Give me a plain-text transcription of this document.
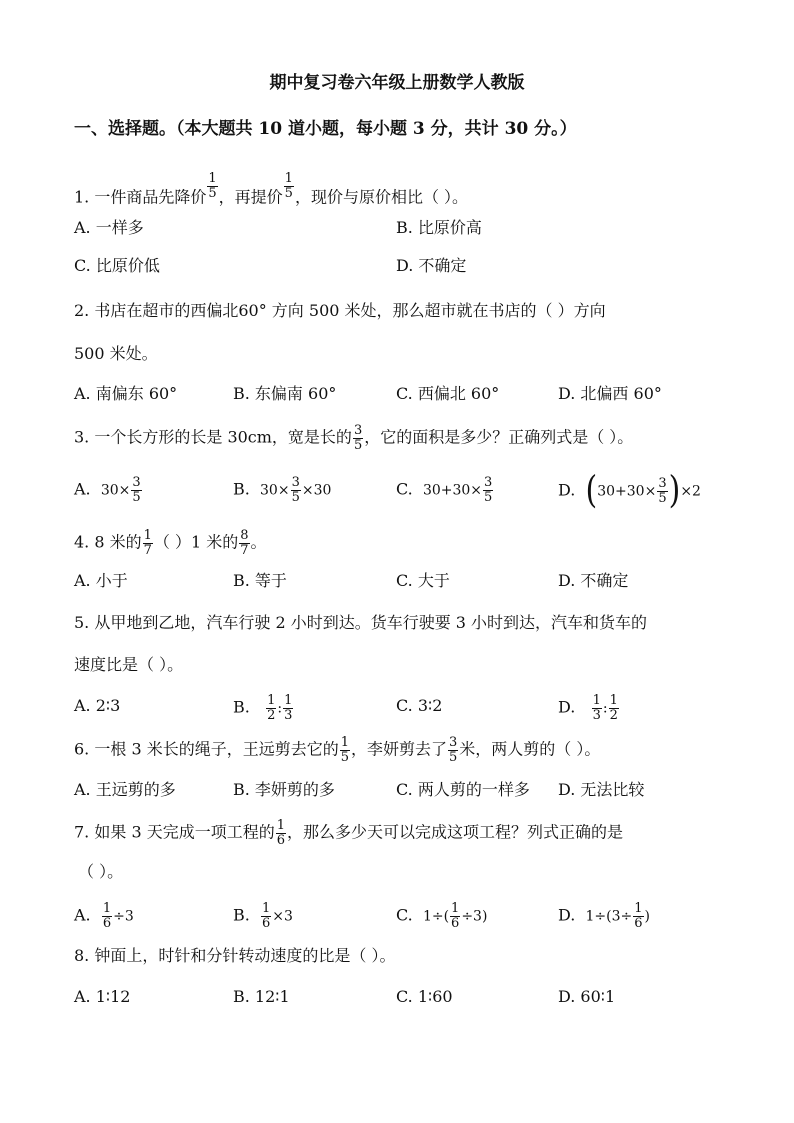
期中复习卷六年级上册数学人教版
一、选择题。（本大题共 10 道小题，每小题 3 分，共计 30 分。）
1. 一件商品先降价 $\frac{1}{5}$ ，再提价 $\frac{1}{5}$ ，现价与原价相比（ ）。
A. 一样多	B. 比原价高
C. 比原价低	D. 不确定
2. 书店在超市的西偏北60° 方向 500 米处，那么超市就在书店的（ ）方向
500 米处。
A. 南偏东 60°	B. 东偏南 60°	C. 西偏北 60°	D. 北偏西 60°
3. 一个长方形的长是 30cm，宽是长的 $\frac{3}{5}$ ，它的面积是多少？正确列式是（ ）。
A. $30\times \frac{3}{5}$	B. $30\times \frac{3}{5} \times 30$	C. $30+30\times \frac{3}{5}$	D. $(30+30\times \frac{3}{5} )\times 2$
4. 8 米的 $\frac{1}{7}$ （ ）1 米的 $\frac{8}{7}$ 。
A. 小于	B. 等于	C. 大于	D. 不确定
5. 从甲地到乙地，汽车行驶 2 小时到达。货车行驶要 3 小时到达，汽车和货车的
速度比是（ ）。
A. 2∶3	B. $\frac{1}{2}$ : $\frac{1}{3}$	C. 3∶2	D. $\frac{1}{3}$ : $\frac{1}{2}$
6. 一根 3 米长的绳子，王远剪去它的 $\frac{1}{5}$ ，李妍剪去了 $\frac{3}{5}$ 米，两人剪的（ ）。
A. 王远剪的多	B. 李妍剪的多	C. 两人剪的一样多 D. 无法比较
7. 如果 3 天完成一项工程的 $\frac{1}{6}$ ，那么多少天可以完成这项工程？列式正确的是
（ ）。
A. $\frac{1}{6} \div 3$	B. $\frac{1}{6} \times 3$	C. $1\div( \frac{1}{6} \div 3)$	D. $1\div(3\div \frac{1}{6}$ )
8. 钟面上，时针和分针转动速度的比是（ ）。
A. 1∶12	B. 12∶1	C. 1∶60	D. 60∶1
